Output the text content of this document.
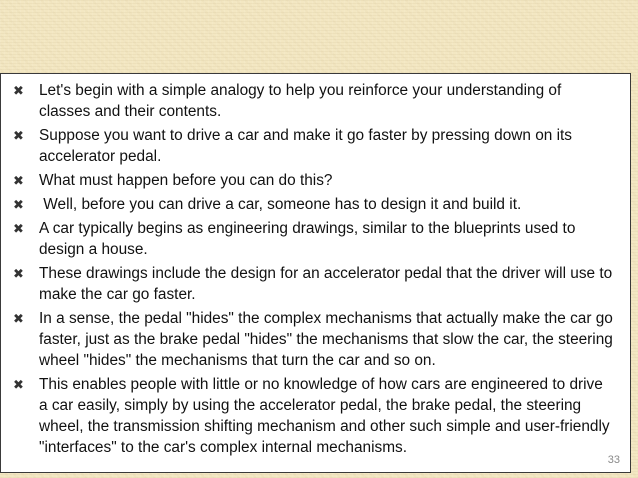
✖ Let's begin with a simple analogy to help you reinforce your understanding of classes and their contents.
✖ Suppose you want to drive a car and make it go faster by pressing down on its accelerator pedal.
✖ What must happen before you can do this?
✖ Well, before you can drive a car, someone has to design it and build it.
✖ A car typically begins as engineering drawings, similar to the blueprints used to design a house.
✖ These drawings include the design for an accelerator pedal that the driver will use to make the car go faster.
✖ In a sense, the pedal "hides" the complex mechanisms that actually make the car go faster, just as the brake pedal "hides" the mechanisms that slow the car, the steering wheel "hides" the mechanisms that turn the car and so on.
✖ This enables people with little or no knowledge of how cars are engineered to drive a car easily, simply by using the accelerator pedal, the brake pedal, the steering wheel, the transmission shifting mechanism and other such simple and user-friendly "interfaces" to the car's complex internal mechanisms.
33
